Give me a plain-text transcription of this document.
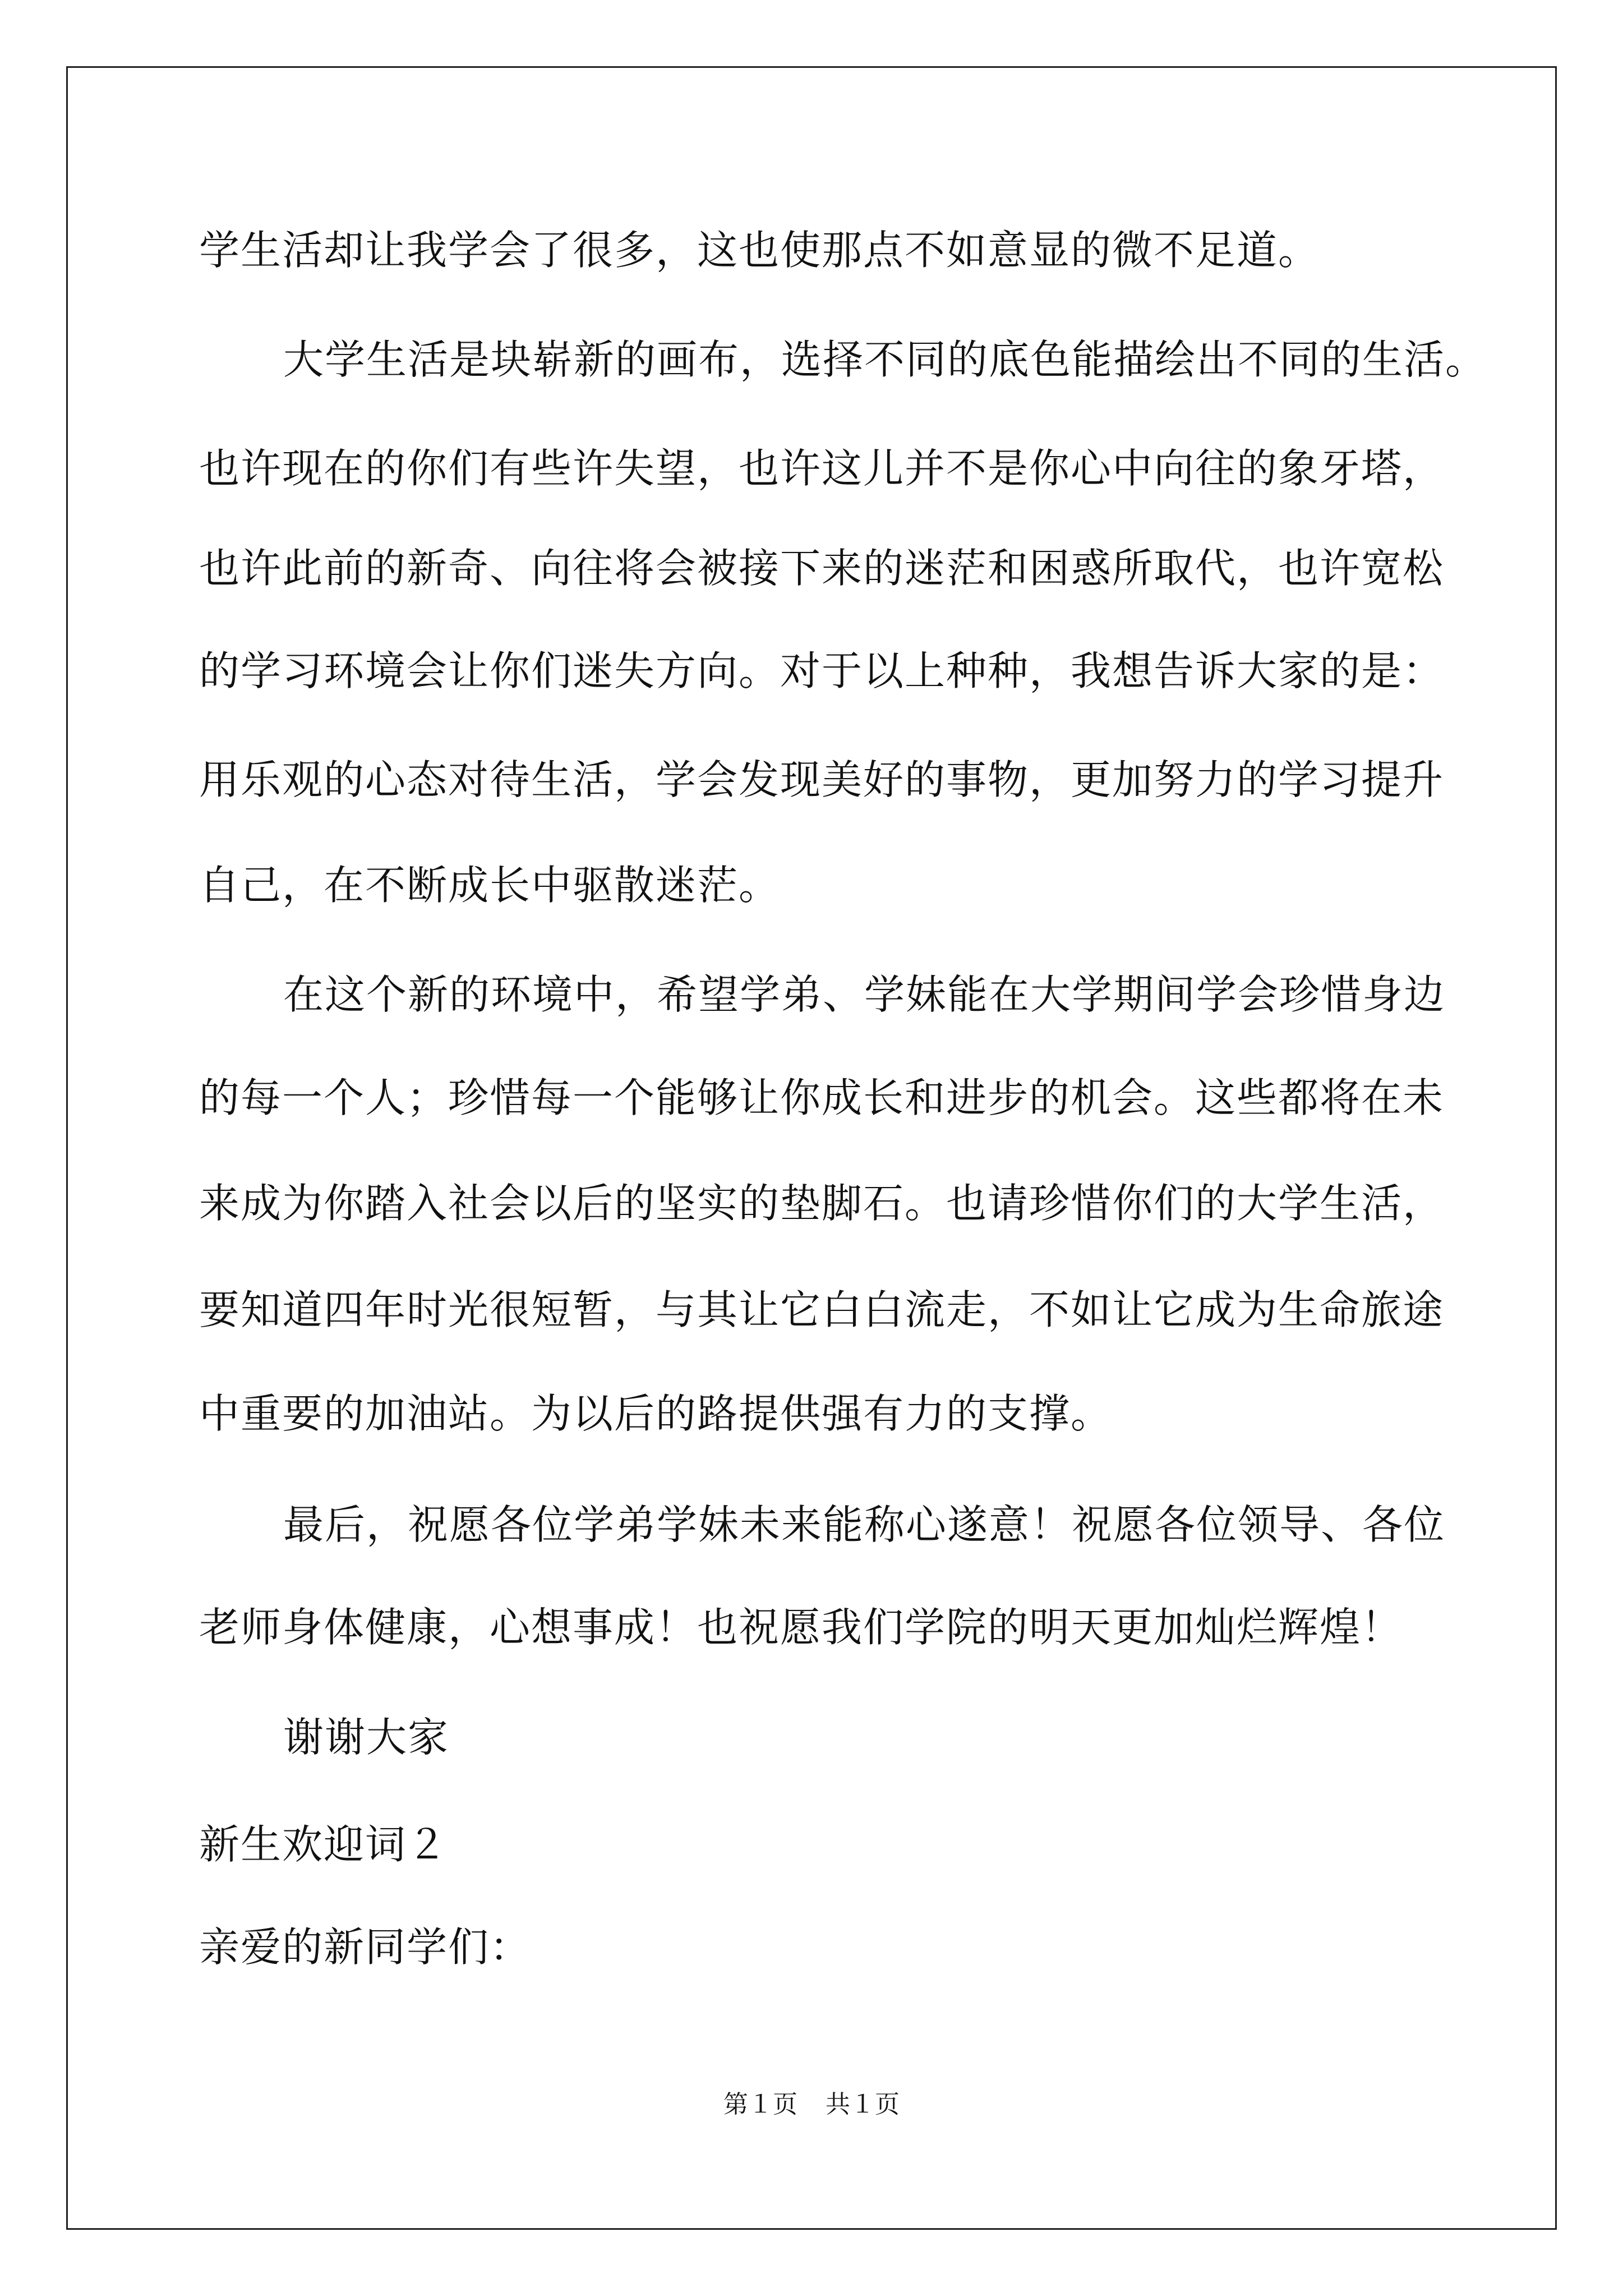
学生活却让我学会了很多，这也使那点不如意显的微不足道。
大学生活是块崭新的画布，选择不同的底色能描绘出不同的生活。
也许现在的你们有些许失望，也许这儿并不是你心中向往的象牙塔，
也许此前的新奇、向往将会被接下来的迷茫和困惑所取代，也许宽松
的学习环境会让你们迷失方向。对于以上种种，我想告诉大家的是：
用乐观的心态对待生活，学会发现美好的事物，更加努力的学习提升
自己，在不断成长中驱散迷茫。
在这个新的环境中，希望学弟、学妹能在大学期间学会珍惜身边
的每一个人；珍惜每一个能够让你成长和进步的机会。这些都将在未
来成为你踏入社会以后的坚实的垫脚石。也请珍惜你们的大学生活，
要知道四年时光很短暂，与其让它白白流走，不如让它成为生命旅途
中重要的加油站。为以后的路提供强有力的支撑。
最后，祝愿各位学弟学妹未来能称心遂意！祝愿各位领导、各位
老师身体健康，心想事成！也祝愿我们学院的明天更加灿烂辉煌！
谢谢大家
新生欢迎词２
亲爱的新同学们：
第１页 共１页
